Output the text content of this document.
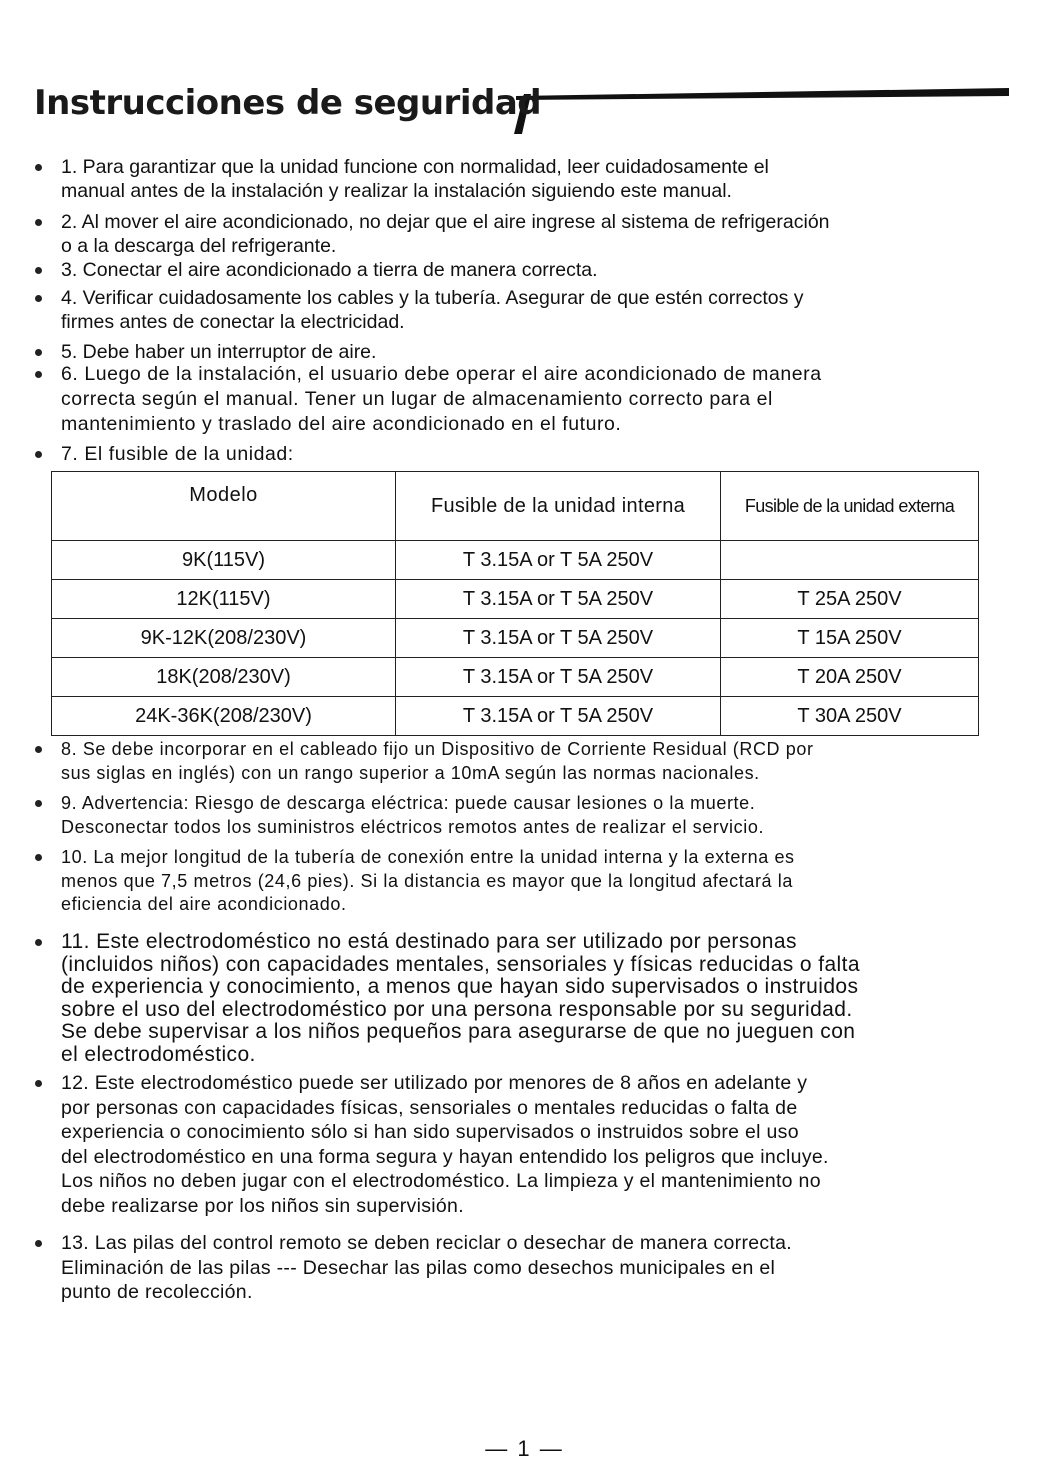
Instrucciones de seguridad
1. Para garantizar que la unidad funcione con normalidad, leer cuidadosamente el
manual antes de la instalación y realizar la instalación siguiendo este manual.
2. Al mover el aire acondicionado, no dejar que el aire ingrese al sistema de refrigeración
o a la descarga del refrigerante.
3. Conectar el aire acondicionado a tierra de manera correcta.
4. Verificar cuidadosamente los cables y la tubería. Asegurar de que estén correctos y
firmes antes de conectar la electricidad.
5. Debe haber un interruptor de aire.
6. Luego de la instalación, el usuario debe operar el aire acondicionado de manera
correcta según el manual. Tener un lugar de almacenamiento correcto para el
mantenimiento y traslado del aire acondicionado en el futuro.
7. El fusible de la unidad:
Modelo	Fusible de la unidad interna	Fusible de la unidad externa
9K(115V)	T 3.15A or T 5A 250V	
12K(115V)	T 3.15A or T 5A 250V	T 25A 250V
9K-12K(208/230V)	T 3.15A or T 5A 250V	T 15A 250V
18K(208/230V)	T 3.15A or T 5A 250V	T 20A 250V
24K-36K(208/230V)	T 3.15A or T 5A 250V	T 30A 250V
8. Se debe incorporar en el cableado fijo un Dispositivo de Corriente Residual (RCD por
sus siglas en inglés) con un rango superior a 10mA según las normas nacionales.
9. Advertencia: Riesgo de descarga eléctrica: puede causar lesiones o la muerte.
Desconectar todos los suministros eléctricos remotos antes de realizar el servicio.
10. La mejor longitud de la tubería de conexión entre la unidad interna y la externa es
menos que 7,5 metros (24,6 pies). Si la distancia es mayor que la longitud afectará la
eficiencia del aire acondicionado.
11. Este electrodoméstico no está destinado para ser utilizado por personas
(incluidos niños) con capacidades mentales, sensoriales y físicas reducidas o falta
de experiencia y conocimiento, a menos que hayan sido supervisados o instruidos
sobre el uso del electrodoméstico por una persona responsable por su seguridad.
Se debe supervisar a los niños pequeños para asegurarse de que no jueguen con
el electrodoméstico.
12. Este electrodoméstico puede ser utilizado por menores de 8 años en adelante y
por personas con capacidades físicas, sensoriales o mentales reducidas o falta de
experiencia o conocimiento sólo si han sido supervisados o instruidos sobre el uso
del electrodoméstico en una forma segura y hayan entendido los peligros que incluye.
Los niños no deben jugar con el electrodoméstico. La limpieza y el mantenimiento no
debe realizarse por los niños sin supervisión.
13. Las pilas del control remoto se deben reciclar o desechar de manera correcta.
Eliminación de las pilas --- Desechar las pilas como desechos municipales en el
punto de recolección.
— 1 —
